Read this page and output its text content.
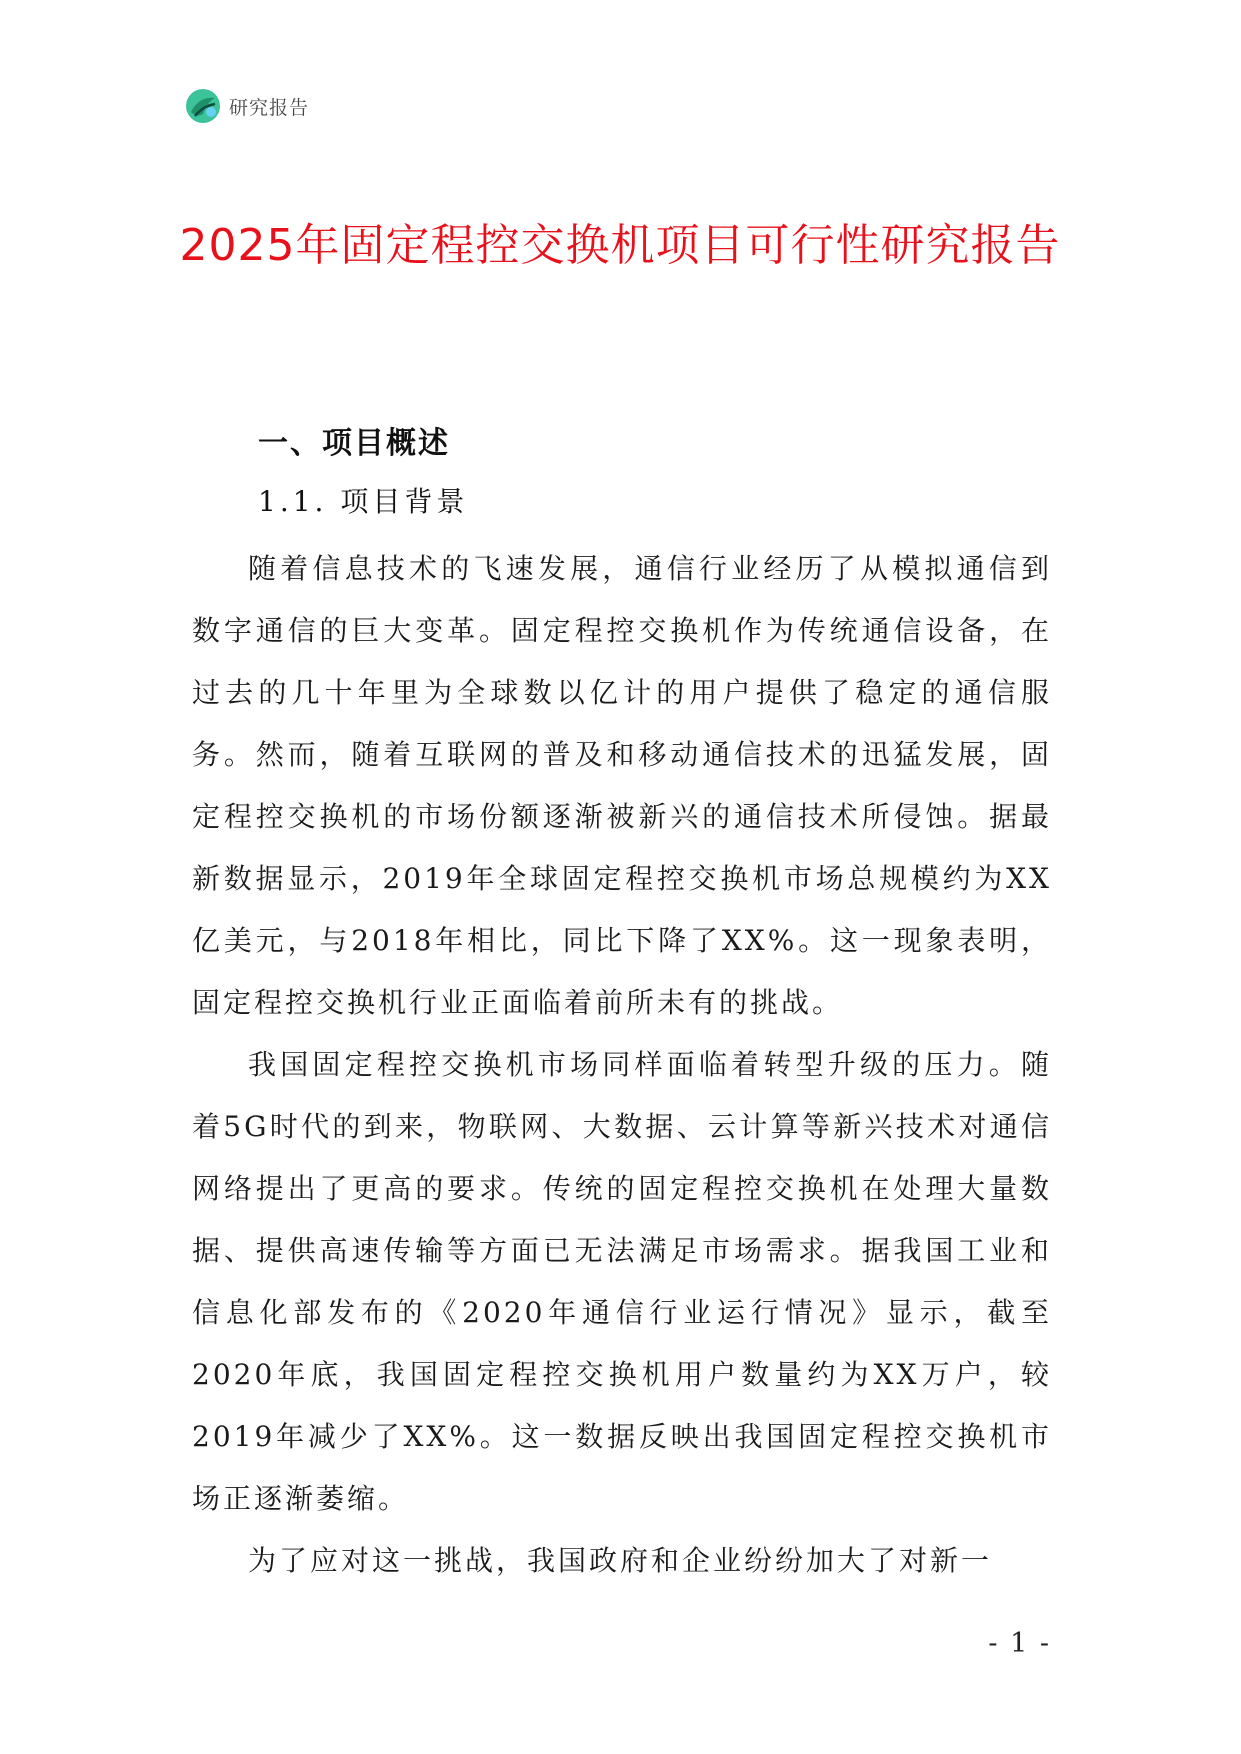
研究报告
2025年固定程控交换机项目可行性研究报告
一、项目概述
1.1. 项目背景

随着信息技术的飞速发展，通信行业经历了从模拟通信到数字通信的巨大变革。固定程控交换机作为传统通信设备，在过去的几十年里为全球数以亿计的用户提供了稳定的通信服务。然而，随着互联网的普及和移动通信技术的迅猛发展，固定程控交换机的市场份额逐渐被新兴的通信技术所侵蚀。据最新数据显示，2019年全球固定程控交换机市场总规模约为XX亿美元，与2018年相比，同比下降了XX%。这一现象表明，固定程控交换机行业正面临着前所未有的挑战。

我国固定程控交换机市场同样面临着转型升级的压力。随着5G时代的到来，物联网、大数据、云计算等新兴技术对通信网络提出了更高的要求。传统的固定程控交换机在处理大量数据、提供高速传输等方面已无法满足市场需求。据我国工业和信息化部发布的《2020年通信行业运行情况》显示，截至2020年底，我国固定程控交换机用户数量约为XX万户，较2019年减少了XX%。这一数据反映出我国固定程控交换机市场正逐渐萎缩。

为了应对这一挑战，我国政府和企业纷纷加大了对新一

- 1 -
